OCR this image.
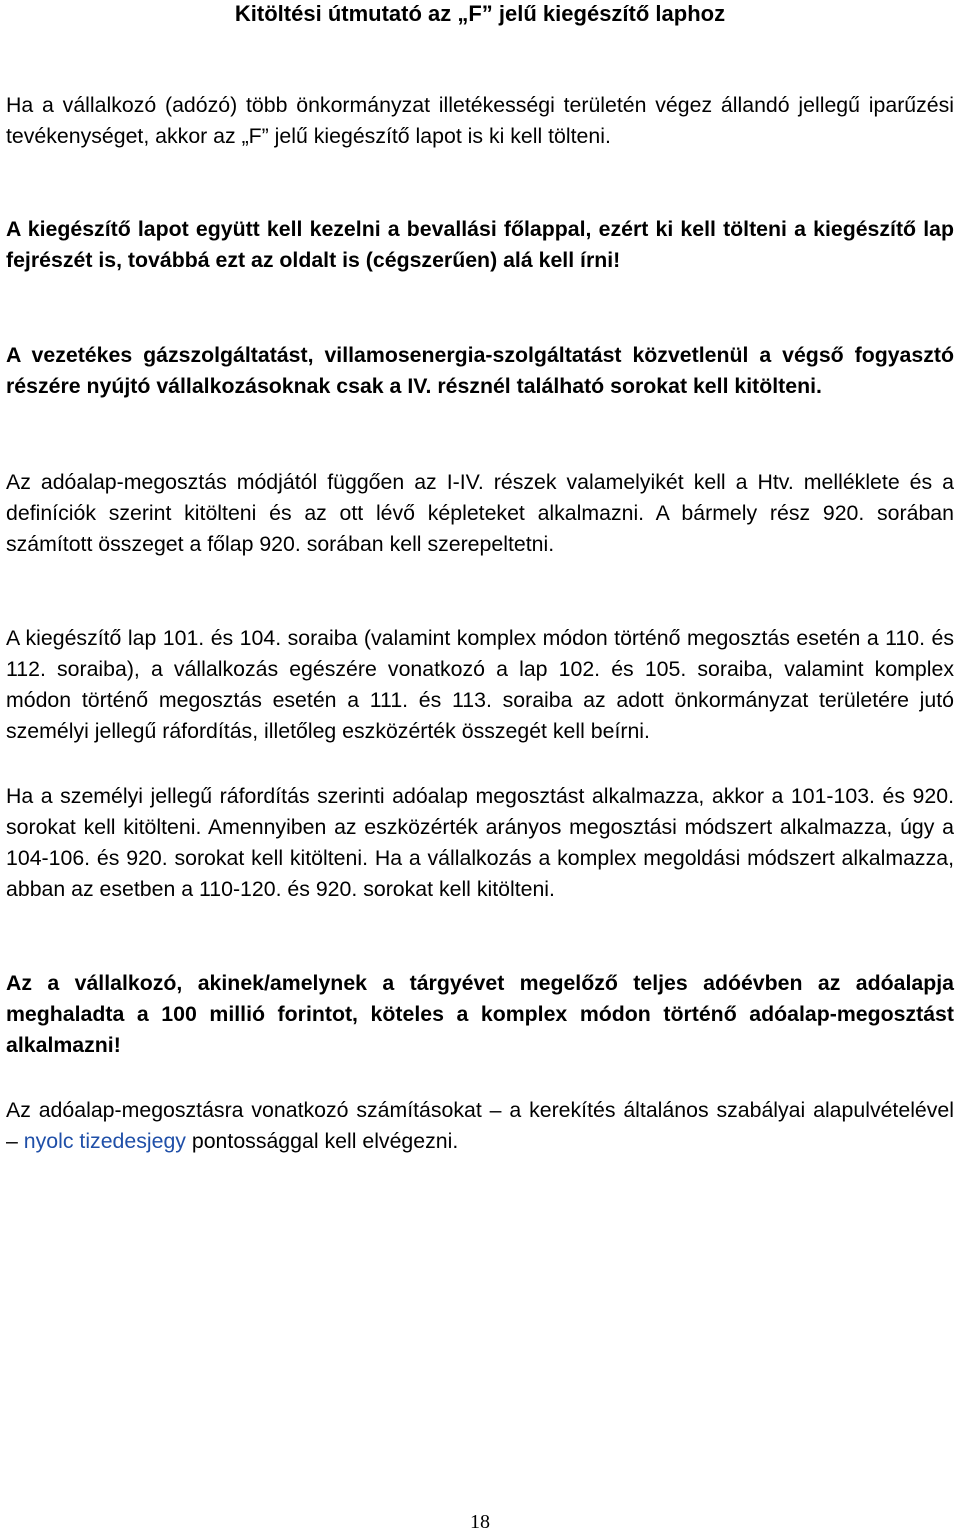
Kitöltési útmutató az „F” jelű kiegészítő laphoz

Ha a vállalkozó (adózó) több önkormányzat illetékességi területén végez állandó jellegű iparűzési tevékenységet, akkor az „F” jelű kiegészítő lapot is ki kell tölteni.

A kiegészítő lapot együtt kell kezelni a bevallási főlappal, ezért ki kell tölteni a kiegészítő lap fejrészét is, továbbá ezt az oldalt is (cégszerűen) alá kell írni!

A vezetékes gázszolgáltatást, villamosenergia-szolgáltatást közvetlenül a végső fogyasztó részére nyújtó vállalkozásoknak csak a IV. résznél található sorokat kell kitölteni.

Az adóalap-megosztás módjától függően az I-IV. részek valamelyikét kell a Htv. melléklete és a definíciók szerint kitölteni és az ott lévő képleteket alkalmazni. A bármely rész 920. sorában számított összeget a főlap 920. sorában kell szerepeltetni.

A kiegészítő lap 101. és 104. soraiba (valamint komplex módon történő megosztás esetén a 110. és 112. soraiba), a vállalkozás egészére vonatkozó a lap 102. és 105. soraiba, valamint komplex módon történő megosztás esetén a 111. és 113. soraiba az adott önkormányzat területére jutó személyi jellegű ráfordítás, illetőleg eszközérték összegét kell beírni.

Ha a személyi jellegű ráfordítás szerinti adóalap megosztást alkalmazza, akkor a 101-103. és 920. sorokat kell kitölteni. Amennyiben az eszközérték arányos megosztási módszert alkalmazza, úgy a 104-106. és 920. sorokat kell kitölteni. Ha a vállalkozás a komplex megoldási módszert alkalmazza, abban az esetben a 110-120. és 920. sorokat kell kitölteni.

Az a vállalkozó, akinek/amelynek a tárgyévet megelőző teljes adóévben az adóalapja meghaladta a 100 millió forintot, köteles a komplex módon történő adóalap-megosztást alkalmazni!

Az adóalap-megosztásra vonatkozó számításokat – a kerekítés általános szabályai alapulvételével – nyolc tizedesjegy pontossággal kell elvégezni.

18
